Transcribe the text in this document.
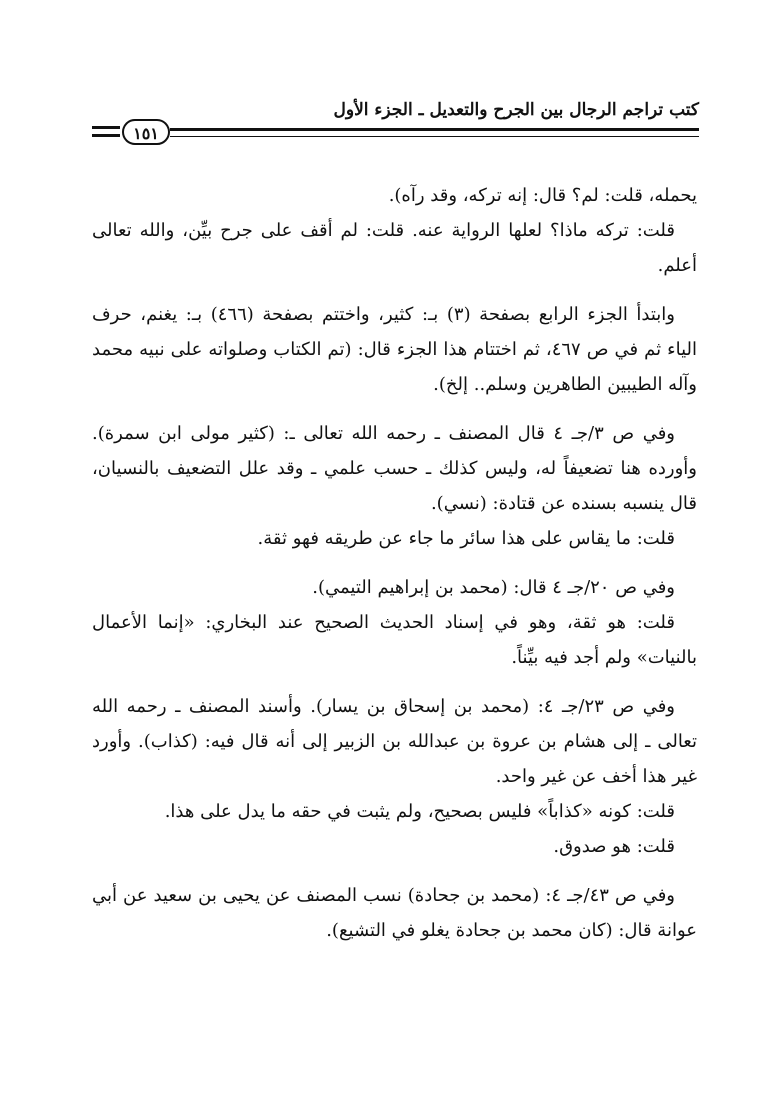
كتب تراجم الرجال بين الجرح والتعديل ـ الجزء الأول
١٥١

يحمله، قلت: لم؟ قال: إنه تركه، وقد رآه).

قلت: تركه ماذا؟ لعلها الرواية عنه. قلت: لم أقف على جرح بيِّن، والله تعالى أعلم.

وابتدأ الجزء الرابع بصفحة (٣) بـ: كثير، واختتم بصفحة (٤٦٦) بـ: يغنم، حرف الياء ثم في ص ٤٦٧، ثم اختتام هذا الجزء قال: (تم الكتاب وصلواته على نبيه محمد وآله الطيبين الطاهرين وسلم.. إلخ).

وفي ص ٣/جـ ٤ قال المصنف ـ رحمه الله تعالى ـ: (كثير مولى ابن سمرة). وأورده هنا تضعيفاً له، وليس كذلك ـ حسب علمي ـ وقد علل التضعيف بالنسيان، قال ينسبه بسنده عن قتادة: (نسي).

قلت: ما يقاس على هذا سائر ما جاء عن طريقه فهو ثقة.

وفي ص ٢٠/جـ ٤ قال: (محمد بن إبراهيم التيمي).

قلت: هو ثقة، وهو في إسناد الحديث الصحيح عند البخاري: «إنما الأعمال بالنيات» ولم أجد فيه بيِّناً.

وفي ص ٢٣/جـ ٤: (محمد بن إسحاق بن يسار). وأسند المصنف ـ رحمه الله تعالى ـ إلى هشام بن عروة بن عبدالله بن الزبير إلى أنه قال فيه: (كذاب). وأورد غير هذا أخف عن غير واحد.

قلت: كونه «كذاباً» فليس بصحيح، ولم يثبت في حقه ما يدل على هذا.

قلت: هو صدوق.

وفي ص ٤٣/جـ ٤: (محمد بن جحادة) نسب المصنف عن يحيى بن سعيد عن أبي عوانة قال: (كان محمد بن جحادة يغلو في التشيع).
